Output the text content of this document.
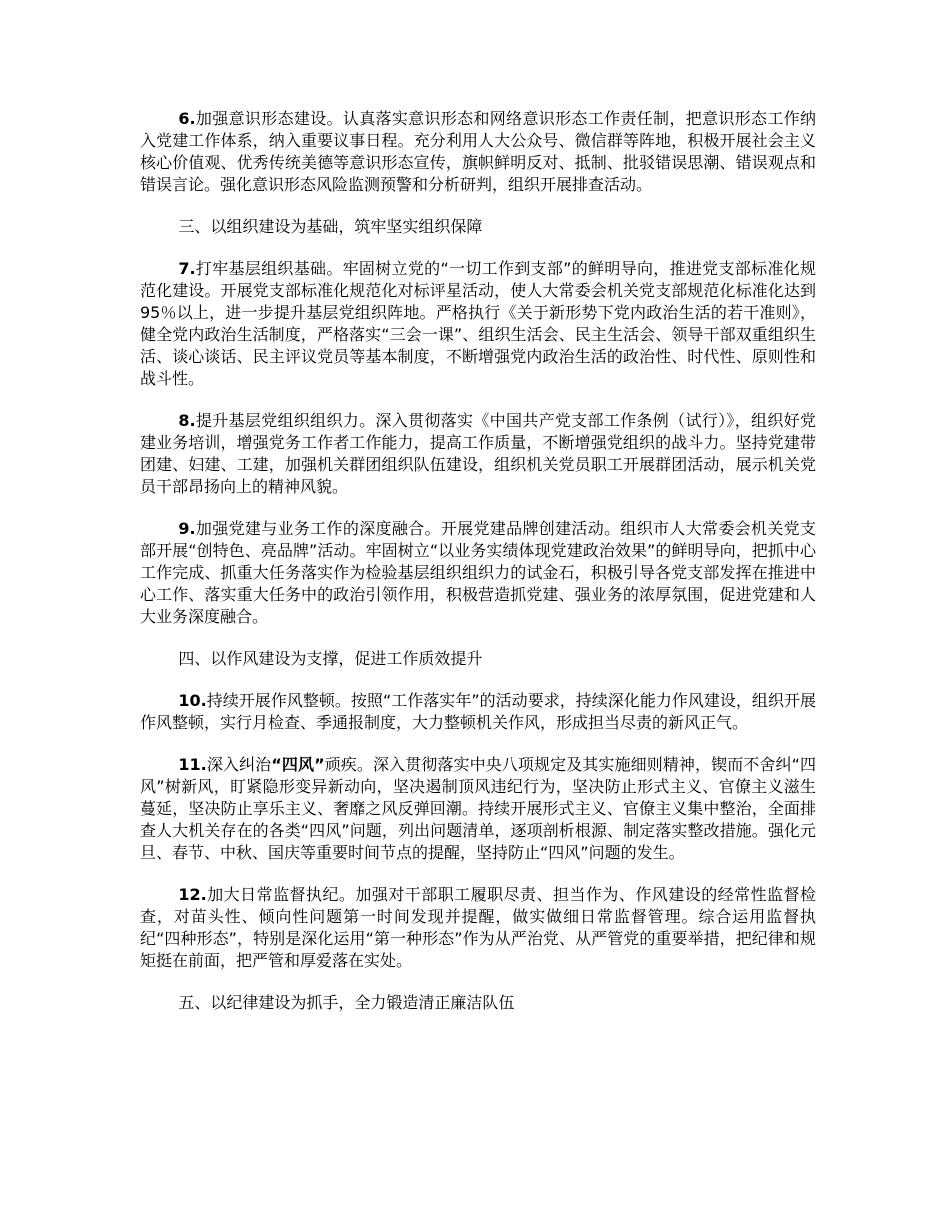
6.加强意识形态建设。认真落实意识形态和网络意识形态工作责任制，把意识形态工作纳入党建工作体系，纳入重要议事日程。充分利用人大公众号、微信群等阵地，积极开展社会主义核心价值观、优秀传统美德等意识形态宣传，旗帜鲜明反对、抵制、批驳错误思潮、错误观点和错误言论。强化意识形态风险监测预警和分析研判，组织开展排查活动。

三、以组织建设为基础，筑牢坚实组织保障

7.打牢基层组织基础。牢固树立党的“一切工作到支部”的鲜明导向，推进党支部标准化规范化建设。开展党支部标准化规范化对标评星活动，使人大常委会机关党支部规范化标准化达到 95％以上，进一步提升基层党组织阵地。严格执行《关于新形势下党内政治生活的若干准则》，健全党内政治生活制度，严格落实“三会一课”、组织生活会、民主生活会、领导干部双重组织生活、谈心谈话、民主评议党员等基本制度，不断增强党内政治生活的政治性、时代性、原则性和战斗性。

8.提升基层党组织组织力。深入贯彻落实《中国共产党支部工作条例（试行）》，组织好党建业务培训，增强党务工作者工作能力，提高工作质量，不断增强党组织的战斗力。坚持党建带团建、妇建、工建，加强机关群团组织队伍建设，组织机关党员职工开展群团活动，展示机关党员干部昂扬向上的精神风貌。

9.加强党建与业务工作的深度融合。开展党建品牌创建活动。组织市人大常委会机关党支部开展“创特色、亮品牌”活动。牢固树立“以业务实绩体现党建政治效果”的鲜明导向，把抓中心工作完成、抓重大任务落实作为检验基层组织组织力的试金石，积极引导各党支部发挥在推进中心工作、落实重大任务中的政治引领作用，积极营造抓党建、强业务的浓厚氛围，促进党建和人大业务深度融合。

四、以作风建设为支撑，促进工作质效提升

10.持续开展作风整顿。按照“工作落实年”的活动要求，持续深化能力作风建设，组织开展作风整顿，实行月检查、季通报制度，大力整顿机关作风，形成担当尽责的新风正气。

11.深入纠治“四风”顽疾。深入贯彻落实中央八项规定及其实施细则精神，锲而不舍纠“四风”树新风，盯紧隐形变异新动向，坚决遏制顶风违纪行为，坚决防止形式主义、官僚主义滋生蔓延，坚决防止享乐主义、奢靡之风反弹回潮。持续开展形式主义、官僚主义集中整治，全面排查人大机关存在的各类“四风”问题，列出问题清单，逐项剖析根源、制定落实整改措施。强化元旦、春节、中秋、国庆等重要时间节点的提醒，坚持防止“四风”问题的发生。

12.加大日常监督执纪。加强对干部职工履职尽责、担当作为、作风建设的经常性监督检查，对苗头性、倾向性问题第一时间发现并提醒，做实做细日常监督管理。综合运用监督执纪“四种形态”，特别是深化运用“第一种形态”作为从严治党、从严管党的重要举措，把纪律和规矩挺在前面，把严管和厚爱落在实处。

五、以纪律建设为抓手，全力锻造清正廉洁队伍
